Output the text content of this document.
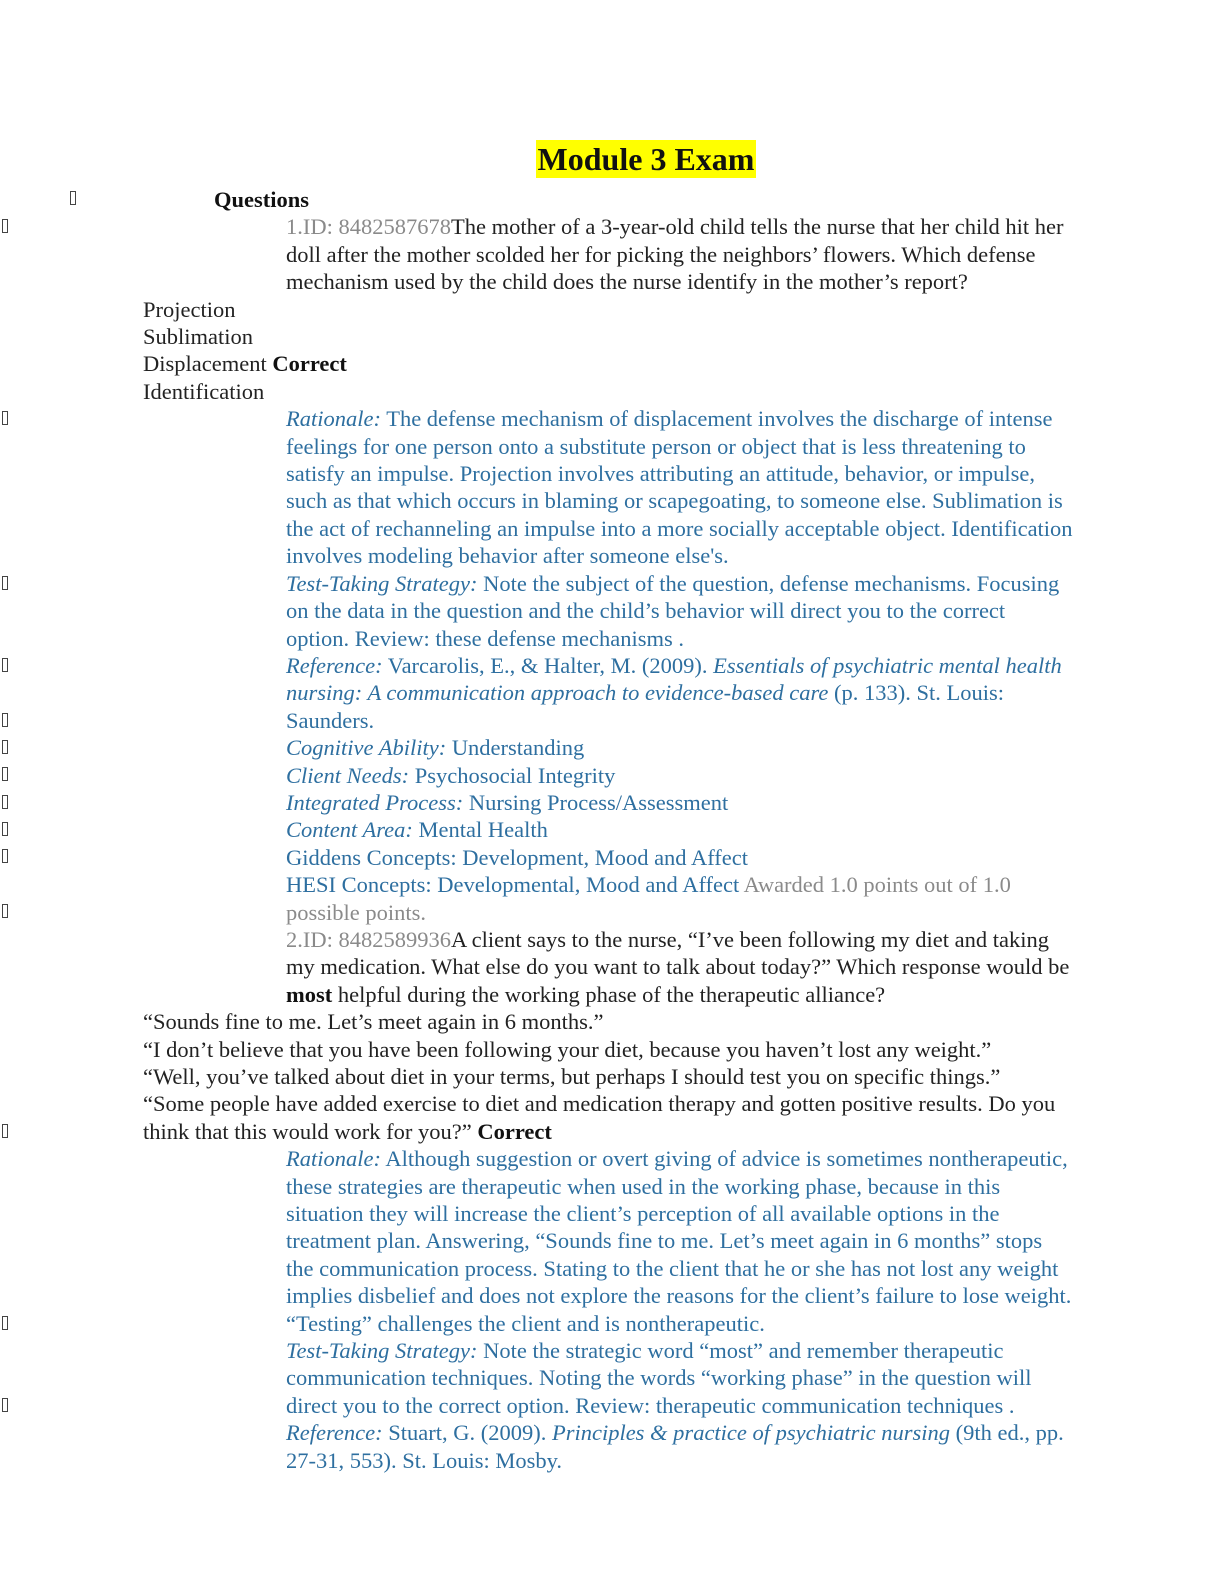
Module 3 Exam

Questions

1.ID: 8482587678The mother of a 3-year-old child tells the nurse that her child hit her doll after the mother scolded her for picking the neighbors’ flowers. Which defense mechanism used by the child does the nurse identify in the mother’s report?

Projection

Sublimation

Displacement Correct

Identification

Rationale: The defense mechanism of displacement involves the discharge of intense feelings for one person onto a substitute person or object that is less threatening to satisfy an impulse. Projection involves attributing an attitude, behavior, or impulse, such as that which occurs in blaming or scapegoating, to someone else. Sublimation is the act of rechanneling an impulse into a more socially acceptable object. Identification involves modeling behavior after someone else's.

Test-Taking Strategy: Note the subject of the question, defense mechanisms. Focusing on the data in the question and the child’s behavior will direct you to the correct option. Review: these defense mechanisms .

Reference: Varcarolis, E., & Halter, M. (2009). Essentials of psychiatric mental health nursing: A communication approach to evidence-based care (p. 133). St. Louis: Saunders.

Cognitive Ability: Understanding

Client Needs: Psychosocial Integrity

Integrated Process: Nursing Process/Assessment

Content Area: Mental Health

Giddens Concepts: Development, Mood and Affect

HESI Concepts: Developmental, Mood and Affect Awarded 1.0 points out of 1.0 possible points.

2.ID: 8482589936A client says to the nurse, “I’ve been following my diet and taking my medication. What else do you want to talk about today?” Which response would be most helpful during the working phase of the therapeutic alliance?

“Sounds fine to me. Let’s meet again in 6 months.”

“I don’t believe that you have been following your diet, because you haven’t lost any weight.”

“Well, you’ve talked about diet in your terms, but perhaps I should test you on specific things.”

“Some people have added exercise to diet and medication therapy and gotten positive results. Do you think that this would work for you?” Correct

Rationale: Although suggestion or overt giving of advice is sometimes nontherapeutic, these strategies are therapeutic when used in the working phase, because in this situation they will increase the client’s perception of all available options in the treatment plan. Answering, “Sounds fine to me. Let’s meet again in 6 months” stops the communication process. Stating to the client that he or she has not lost any weight implies disbelief and does not explore the reasons for the client’s failure to lose weight. “Testing” challenges the client and is nontherapeutic.

Test-Taking Strategy: Note the strategic word “most” and remember therapeutic communication techniques. Noting the words “working phase” in the question will direct you to the correct option. Review: therapeutic communication techniques .

Reference: Stuart, G. (2009). Principles & practice of psychiatric nursing (9th ed., pp. 27-31, 553). St. Louis: Mosby.
